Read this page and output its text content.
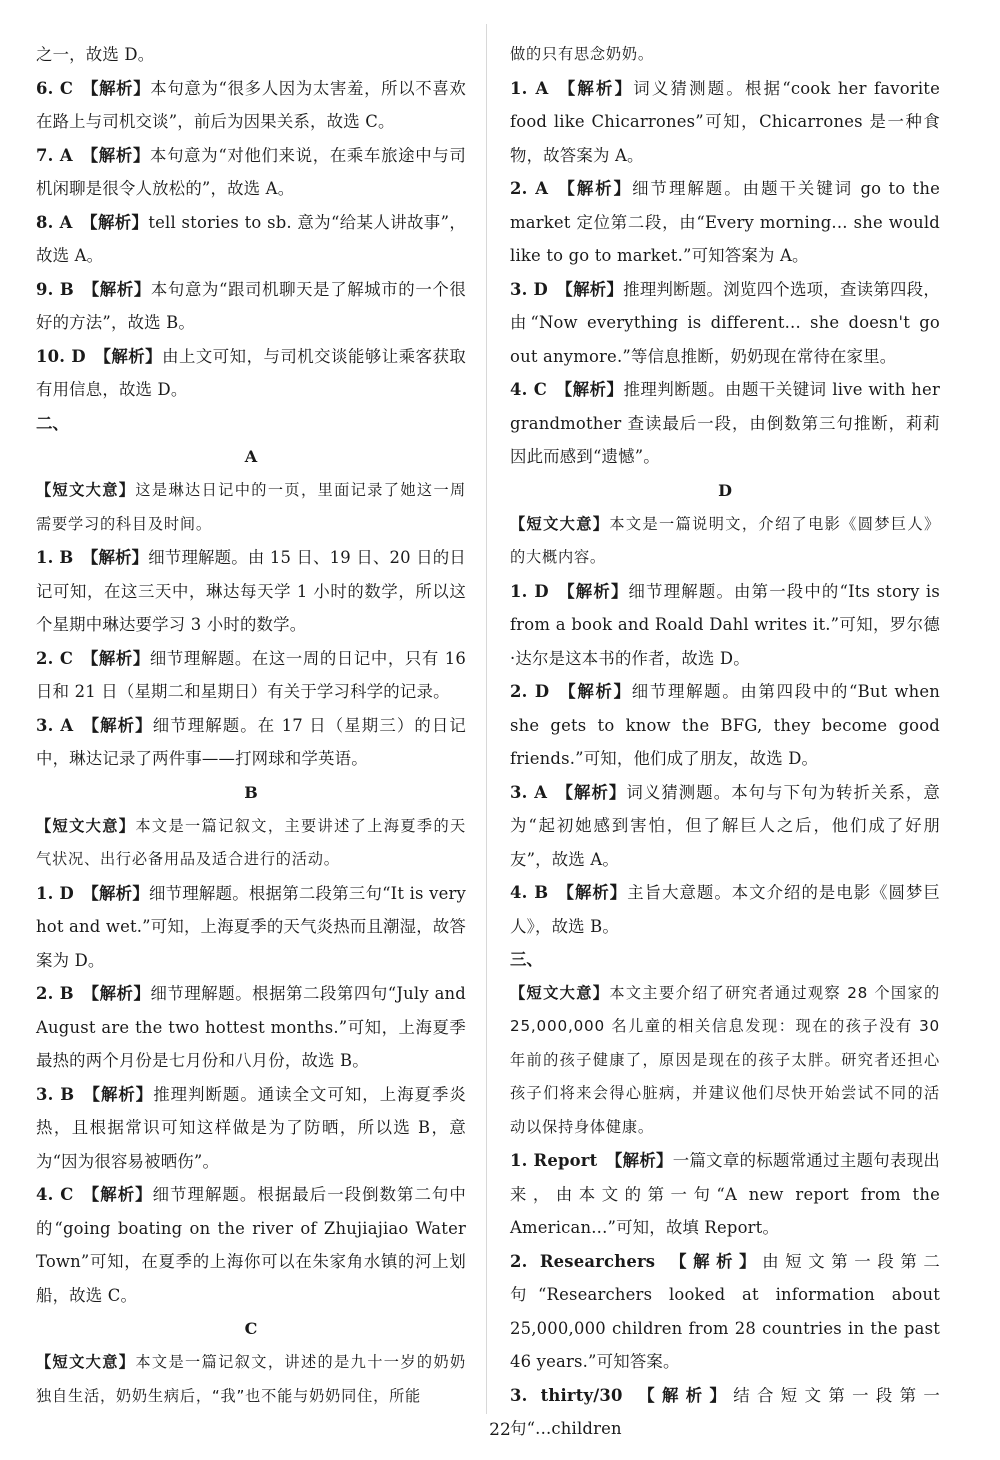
之一，故选 D。

6. C  【解析】本句意为“很多人因为太害羞，所以不喜欢在路上与司机交谈”，前后为因果关系，故选 C。

7. A  【解析】本句意为“对他们来说，在乘车旅途中与司机闲聊是很令人放松的”，故选 A。

8. A  【解析】tell stories to sb. 意为“给某人讲故事”，故选 A。

9. B  【解析】本句意为“跟司机聊天是了解城市的一个很好的方法”，故选 B。

10. D  【解析】由上文可知，与司机交谈能够让乘客获取有用信息，故选 D。

二、

A

【短文大意】这是琳达日记中的一页，里面记录了她这一周需要学习的科目及时间。

1. B  【解析】细节理解题。由 15 日、19 日、20 日的日记可知，在这三天中，琳达每天学 1 小时的数学，所以这个星期中琳达要学习 3 小时的数学。

2. C  【解析】细节理解题。在这一周的日记中，只有 16 日和 21 日（星期二和星期日）有关于学习科学的记录。

3. A  【解析】细节理解题。在 17 日（星期三）的日记中，琳达记录了两件事——打网球和学英语。

B

【短文大意】本文是一篇记叙文，主要讲述了上海夏季的天气状况、出行必备用品及适合进行的活动。

1. D  【解析】细节理解题。根据第二段第三句“It is very hot and wet.”可知，上海夏季的天气炎热而且潮湿，故答案为 D。

2. B  【解析】细节理解题。根据第二段第四句“July and August are the two hottest months.”可知，上海夏季最热的两个月份是七月份和八月份，故选 B。

3. B  【解析】推理判断题。通读全文可知，上海夏季炎热，且根据常识可知这样做是为了防晒，所以选 B，意为“因为很容易被晒伤”。

4. C  【解析】细节理解题。根据最后一段倒数第二句中的“going boating on the river of Zhujiajiao Water Town”可知，在夏季的上海你可以在朱家角水镇的河上划船，故选 C。

C

【短文大意】本文是一篇记叙文，讲述的是九十一岁的奶奶独自生活，奶奶生病后，“我”也不能与奶奶同住，所能

做的只有思念奶奶。

1. A  【解析】词义猜测题。根据“cook her favorite food like Chicarrones”可知，Chicarrones 是一种食物，故答案为 A。

2. A  【解析】细节理解题。由题干关键词 go to the market 定位第二段，由“Every morning... she would like to go to market.”可知答案为 A。

3. D  【解析】推理判断题。浏览四个选项，查读第四段，由“Now everything is different... she doesn't go out anymore.”等信息推断，奶奶现在常待在家里。

4. C  【解析】推理判断题。由题干关键词 live with her grandmother 查读最后一段，由倒数第三句推断，莉莉因此而感到“遗憾”。

D

【短文大意】本文是一篇说明文，介绍了电影《圆梦巨人》的大概内容。

1. D  【解析】细节理解题。由第一段中的“Its story is from a book and Roald Dahl writes it.”可知，罗尔德·达尔是这本书的作者，故选 D。

2. D  【解析】细节理解题。由第四段中的“But when she gets to know the BFG, they become good friends.”可知，他们成了朋友，故选 D。

3. A  【解析】词义猜测题。本句与下句为转折关系，意为“起初她感到害怕，但了解巨人之后，他们成了好朋友”，故选 A。

4. B  【解析】主旨大意题。本文介绍的是电影《圆梦巨人》，故选 B。

三、

【短文大意】本文主要介绍了研究者通过观察 28 个国家的 25,000,000 名儿童的相关信息发现：现在的孩子没有 30 年前的孩子健康了，原因是现在的孩子太胖。研究者还担心孩子们将来会得心脏病，并建议他们尽快开始尝试不同的活动以保持身体健康。

1. Report  【解析】一篇文章的标题常通过主题句表现出来，由本文的第一句“A new report from the American...”可知，故填 Report。

2. Researchers  【解析】由短文第一段第二句“Researchers looked at information about 25,000,000 children from 28 countries in the past 46 years.”可知答案。

3. thirty/30  【解析】结合短文第一段第一句“...children

22
